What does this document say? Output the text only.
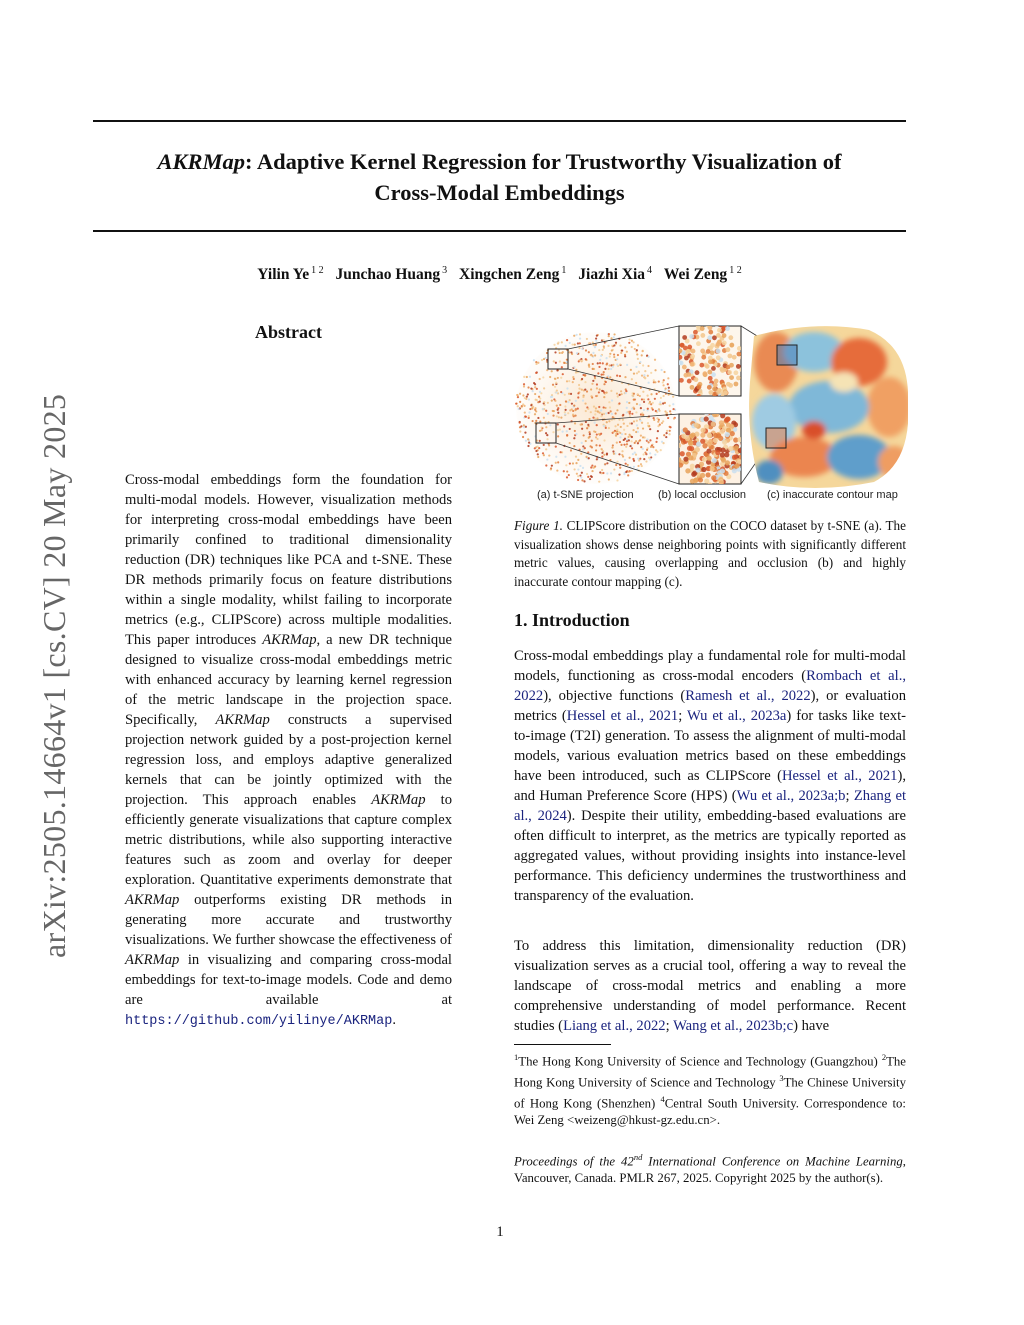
AKRMap: Adaptive Kernel Regression for Trustworthy Visualization of
Cross-Modal Embeddings
Yilin Ye $^{1 2}$ Junchao Huang $^3$ Xingchen Zeng $^1$ Jiazhi Xia $^4$ Wei Zeng $^{1 2}$
arXiv:2505.14664v1 [cs.CV] 20 May 2025
Abstract
Cross-modal embeddings form the foundation for multi-modal models. However, visualization methods for interpreting cross-modal embeddings have been primarily confined to traditional dimensionality reduction (DR) techniques like PCA and t-SNE. These DR methods primarily focus on feature distributions within a single modality, whilst failing to incorporate metrics (e.g., CLIPScore) across multiple modalities. This paper introduces AKRMap, a new DR technique designed to visualize cross-modal embeddings metric with enhanced accuracy by learning kernel regression of the metric landscape in the projection space. Specifically, AKRMap constructs a supervised projection network guided by a post-projection kernel regression loss, and employs adaptive generalized kernels that can be jointly optimized with the projection. This approach enables AKRMap to efficiently generate visualizations that capture complex metric distributions, while also supporting interactive features such as zoom and overlay for deeper exploration. Quantitative experiments demonstrate that AKRMap outperforms existing DR methods in generating more accurate and trustworthy visualizations. We further showcase the effectiveness of AKRMap in visualizing and comparing cross-modal embeddings for text-to-image models. Code and demo are available at https://github.com/yilinye/AKRMap.
(a) t-SNE projection (b) local occlusion (c) inaccurate contour map
Figure 1. CLIPScore distribution on the COCO dataset by t-SNE (a). The visualization shows dense neighboring points with significantly different metric values, causing overlapping and occlusion (b) and highly inaccurate contour mapping (c).
1. Introduction
Cross-modal embeddings play a fundamental role for multi-modal models, functioning as cross-modal encoders (Rombach et al., 2022), objective functions (Ramesh et al., 2022), or evaluation metrics (Hessel et al., 2021; Wu et al., 2023a) for tasks like text-to-image (T2I) generation. To assess the alignment of multi-modal models, various evaluation metrics based on these embeddings have been introduced, such as CLIPScore (Hessel et al., 2021), and Human Preference Score (HPS) (Wu et al., 2023a;b; Zhang et al., 2024). Despite their utility, embedding-based evaluations are often difficult to interpret, as the metrics are typically reported as aggregated values, without providing insights into instance-level performance. This deficiency undermines the trustworthiness and transparency of the evaluation.
To address this limitation, dimensionality reduction (DR) visualization serves as a crucial tool, offering a way to reveal the landscape of cross-modal metrics and enabling a more comprehensive understanding of model performance. Recent studies (Liang et al., 2022; Wang et al., 2023b;c) have
$^1$The Hong Kong University of Science and Technology (Guangzhou) $^2$The Hong Kong University of Science and Technology $^3$The Chinese University of Hong Kong (Shenzhen) $^4$Central South University. Correspondence to: Wei Zeng <weizeng@hkust-gz.edu.cn>.
Proceedings of the 42nd International Conference on Machine Learning, Vancouver, Canada. PMLR 267, 2025. Copyright 2025 by the author(s).
1
